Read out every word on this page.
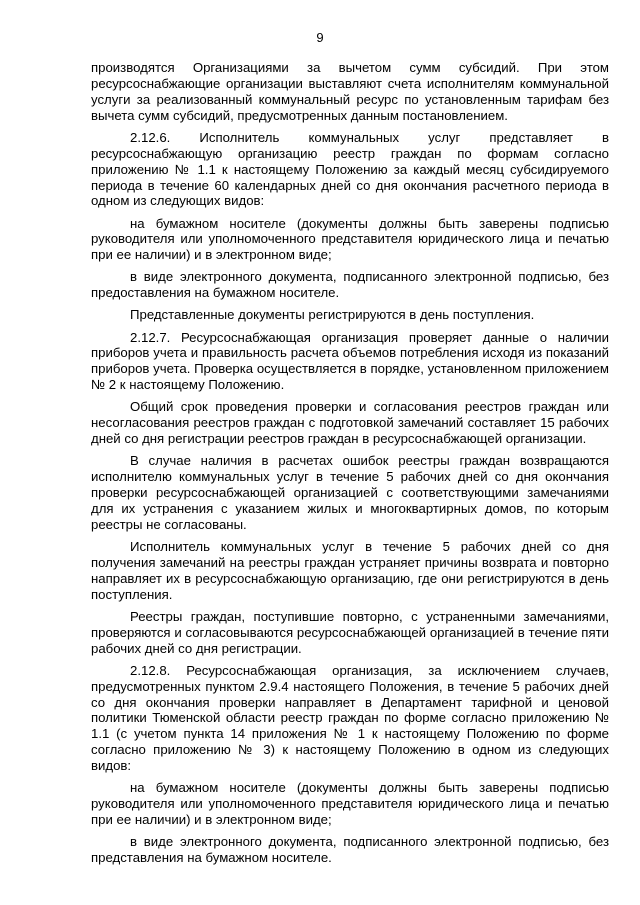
9

производятся Организациями за вычетом сумм субсидий. При этом ресурсоснабжающие организации выставляют счета исполнителям коммунальной услуги за реализованный коммунальный ресурс по установленным тарифам без вычета сумм субсидий, предусмотренных данным постановлением.

2.12.6. Исполнитель коммунальных услуг представляет в ресурсоснабжающую организацию реестр граждан по формам согласно приложению № 1.1 к настоящему Положению за каждый месяц субсидируемого периода в течение 60 календарных дней со дня окончания расчетного периода в одном из следующих видов:

на бумажном носителе (документы должны быть заверены подписью руководителя или уполномоченного представителя юридического лица и печатью при ее наличии) и в электронном виде;

в виде электронного документа, подписанного электронной подписью, без предоставления на бумажном носителе.

Представленные документы регистрируются в день поступления.

2.12.7. Ресурсоснабжающая организация проверяет данные о наличии приборов учета и правильность расчета объемов потребления исходя из показаний приборов учета. Проверка осуществляется в порядке, установленном приложением № 2 к настоящему Положению.

Общий срок проведения проверки и согласования реестров граждан или несогласования реестров граждан с подготовкой замечаний составляет 15 рабочих дней со дня регистрации реестров граждан в ресурсоснабжающей организации.

В случае наличия в расчетах ошибок реестры граждан возвращаются исполнителю коммунальных услуг в течение 5 рабочих дней со дня окончания проверки ресурсоснабжающей организацией с соответствующими замечаниями для их устранения с указанием жилых и многоквартирных домов, по которым реестры не согласованы.

Исполнитель коммунальных услуг в течение 5 рабочих дней со дня получения замечаний на реестры граждан устраняет причины возврата и повторно направляет их в ресурсоснабжающую организацию, где они регистрируются в день поступления.

Реестры граждан, поступившие повторно, с устраненными замечаниями, проверяются и согласовываются ресурсоснабжающей организацией в течение пяти рабочих дней со дня регистрации.

2.12.8. Ресурсоснабжающая организация, за исключением случаев, предусмотренных пунктом 2.9.4 настоящего Положения, в течение 5 рабочих дней со дня окончания проверки направляет в Департамент тарифной и ценовой политики Тюменской области реестр граждан по форме согласно приложению № 1.1 (с учетом пункта 14 приложения № 1 к настоящему Положению по форме согласно приложению № 3) к настоящему Положению в одном из следующих видов:

на бумажном носителе (документы должны быть заверены подписью руководителя или уполномоченного представителя юридического лица и печатью при ее наличии) и в электронном виде;

в виде электронного документа, подписанного электронной подписью, без представления на бумажном носителе.
